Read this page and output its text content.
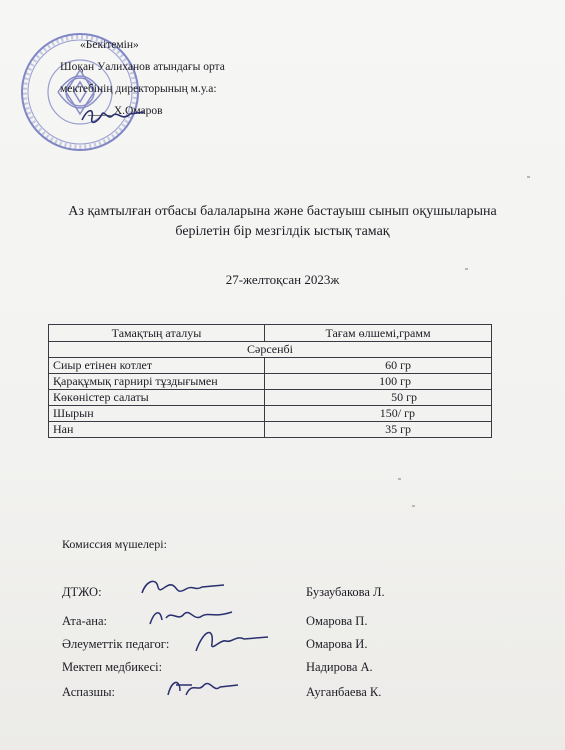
«Бекітемін»
Шоқан Уалиханов атындағы орта
мектебінің директорының м.у.а:
____ Х.Омаров
Аз қамтылған отбасы балаларына және бастауыш сынып оқушыларына берілетін бір мезгілдік ыстық тамақ
27-желтоқсан 2023ж
Тамақтың аталуы	Тағам өлшемі,грамм
Сәрсенбі	
Сиыр етінен котлет	60 гр
Қарақұмық гарнирі тұздығымен	100 гр
Көкөністер салаты	50 гр
Шырын	150/ гр
Нан	35 гр
Комиссия мүшелері:
ДТЖО:	Бузаубакова Л.
Ата-ана:	Омарова П.
Әлеуметтік педагог:	Омарова И.
Мектеп медбикесі:	Надирова А.
Аспазшы:	Ауганбаева К.
